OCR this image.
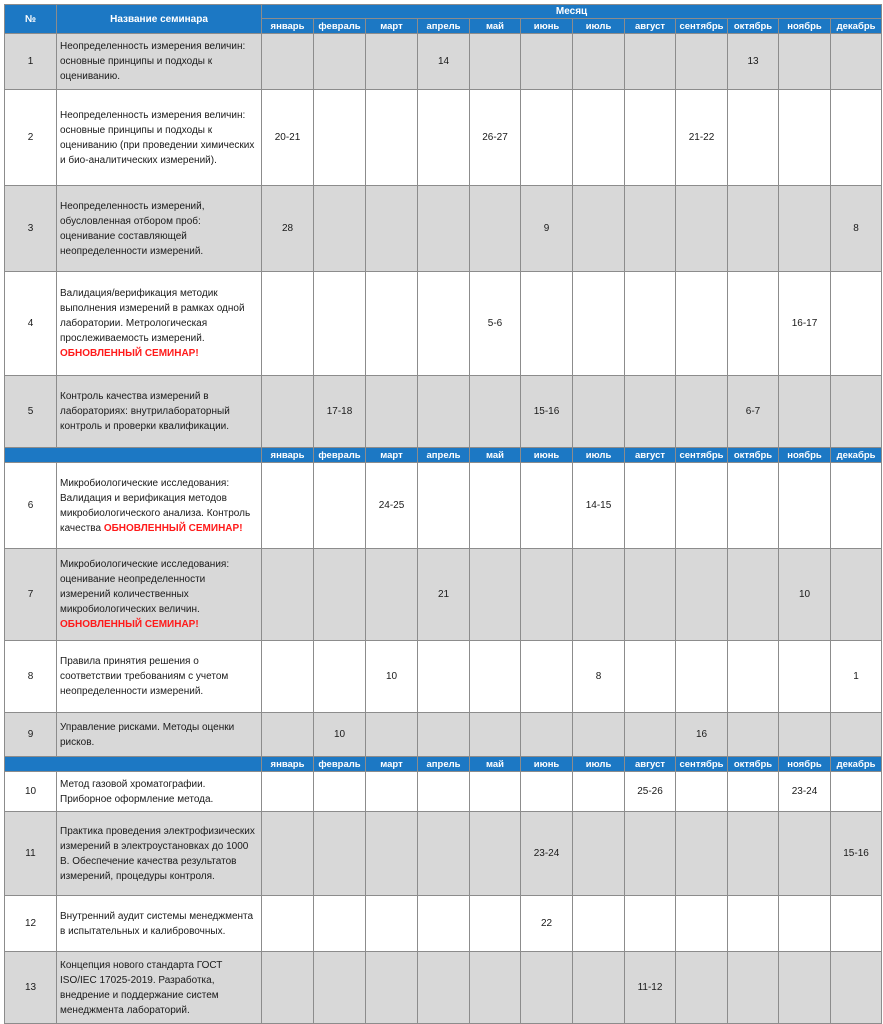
№	Название семинара	Месяц											
		январь	февраль	март	апрель	май	июнь	июль	август	сентябрь	октябрь	ноябрь	декабрь
1	Неопределенность измерения величин: основные принципы и подходы к оцениванию.				14						13		
2	Неопределенность измерения величин: основные принципы и подходы к оцениванию (при проведении химических и био-аналитических измерений).	20-21				26-27				21-22			
3	Неопределенность измерений, обусловленная отбором проб: оценивание составляющей неопределенности измерений.	28					9						8
4	Валидация/верификация методик выполнения измерений в рамках одной лаборатории. Метрологическая прослеживаемость измерений. ОБНОВЛЕННЫЙ СЕМИНАР!					5-6						16-17	
5	Контроль качества измерений в лабораториях: внутрилабораторный контроль и проверки квалификации.		17-18				15-16				6-7		
		январь	февраль	март	апрель	май	июнь	июль	август	сентябрь	октябрь	ноябрь	декабрь
6	Микробиологические исследования: Валидация и верификация методов микробиологического анализа. Контроль качества ОБНОВЛЕННЫЙ СЕМИНАР!			24-25				14-15					
7	Микробиологические исследования: оценивание неопределенности измерений количественных микробиологических величин. ОБНОВЛЕННЫЙ СЕМИНАР!				21							10	
8	Правила принятия решения о соответствии требованиям с учетом неопределенности измерений.			10				8					1
9	Управление рисками. Методы оценки рисков.		10							16			
		январь	февраль	март	апрель	май	июнь	июль	август	сентябрь	октябрь	ноябрь	декабрь
10	Метод газовой хроматографии. Приборное оформление метода.								25-26			23-24	
11	Практика проведения электрофизических измерений в электроустановках до 1000 В. Обеспечение качества результатов измерений, процедуры контроля.						23-24						15-16
12	Внутренний аудит системы менеджмента в испытательных и калибровочных.						22						
13	Концепция нового стандарта ГОСТ ISO/IEC 17025-2019. Разработка, внедрение и поддержание систем менеджмента лабораторий.								11-12				
